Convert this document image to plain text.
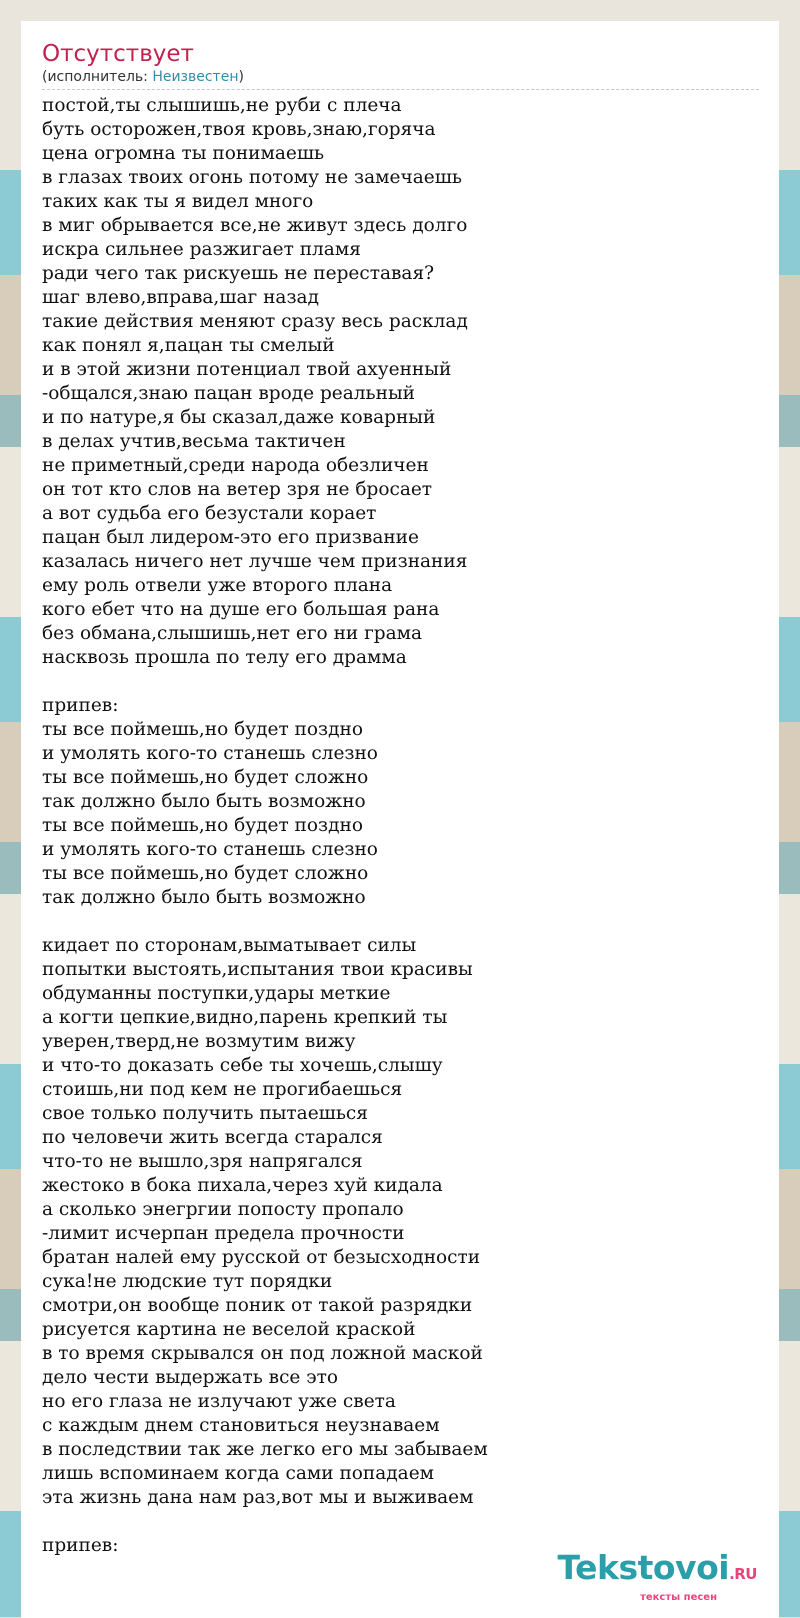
Отсутствует
(исполнитель: Неизвестен)
постой,ты слышишь,не руби с плеча
буть осторожен,твоя кровь,знаю,горяча
цена огромна ты понимаешь
в глазах твоих огонь потому не замечаешь
таких как ты я видел много
в миг обрывается все,не живут здесь долго
искра сильнее разжигает пламя
ради чего так рискуешь не переставая?
шаг влево,вправа,шаг назад
такие действия меняют сразу весь расклад
как понял я,пацан ты смелый
и в этой жизни потенциал твой ахуенный
-общался,знаю пацан вроде реальный
и по натуре,я бы сказал,даже коварный
в делах учтив,весьма тактичен
не приметный,среди народа обезличен
он тот кто слов на ветер зря не бросает
а вот судьба его безустали корает
пацан был лидером-это его призвание
казалась ничего нет лучше чем признания
ему роль отвели уже второго плана
кого ебет что на душе его большая рана
без обмана,слышишь,нет его ни грама
насквозь прошла по телу его драмма

припев:
ты все поймешь,но будет поздно
и умолять кого-то станешь слезно
ты все поймешь,но будет сложно
так должно было быть возможно
ты все поймешь,но будет поздно
и умолять кого-то станешь слезно
ты все поймешь,но будет сложно
так должно было быть возможно

кидает по сторонам,выматывает силы
попытки выстоять,испытания твои красивы
обдуманны поступки,удары меткие
а когти цепкие,видно,парень крепкий ты
уверен,тверд,не возмутим вижу
и что-то доказать себе ты хочешь,слышу
стоишь,ни под кем не прогибаешься
свое только получить пытаешься
по человечи жить всегда старался
что-то не вышло,зря напрягался
жестоко в бока пихала,через хуй кидала
а сколько энегргии попосту пропало
-лимит исчерпан предела прочности
братан налей ему русской от безысходности
сука!не людские тут порядки
смотри,он вообще поник от такой разрядки
рисуется картина не веселой краской
в то время скрывался он под ложной маской
дело чести выдержать все это
но его глаза не излучают уже света
с каждым днем становиться неузнаваем
в последствии так же легко его мы забываем
лишь вспоминаем когда сами попадаем
эта жизнь дана нам раз,вот мы и выживаем

припев:
Tekstovoi.RU
тексты песен
